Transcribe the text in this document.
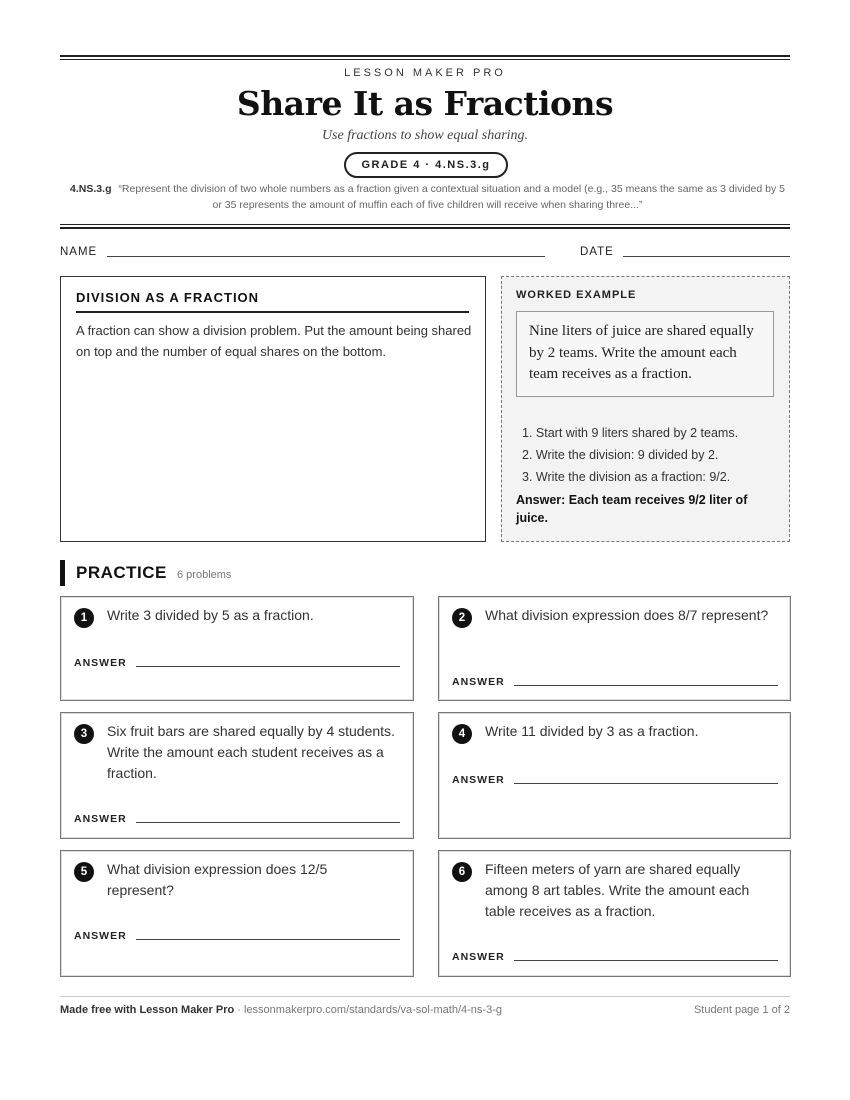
LESSON MAKER PRO
Share It as Fractions
Use fractions to show equal sharing.
GRADE 4 · 4.NS.3.g
4.NS.3.g “Represent the division of two whole numbers as a fraction given a contextual situation and a model (e.g., 35 means the same as 3 divided by 5 or 35 represents the amount of muffin each of five children will receive when sharing three...”
NAME	DATE
DIVISION AS A FRACTION
A fraction can show a division problem. Put the amount being shared on top and the number of equal shares on the bottom.
WORKED EXAMPLE
Nine liters of juice are shared equally by 2 teams. Write the amount each team receives as a fraction.
1. Start with 9 liters shared by 2 teams.
2. Write the division: 9 divided by 2.
3. Write the division as a fraction: 9/2.
Answer: Each team receives 9/2 liter of juice.
PRACTICE 6 problems
1	Write 3 divided by 5 as a fraction.
ANSWER
2	What division expression does 8/7 represent?
ANSWER
3	Six fruit bars are shared equally by 4 students. Write the amount each student receives as a fraction.
ANSWER
4	Write 11 divided by 3 as a fraction.
ANSWER
5	What division expression does 12/5 represent?
ANSWER
6	Fifteen meters of yarn are shared equally among 8 art tables. Write the amount each table receives as a fraction.
ANSWER
Made free with Lesson Maker Pro · lessonmakerpro.com/standards/va-sol-math/4-ns-3-g	Student page 1 of 2
